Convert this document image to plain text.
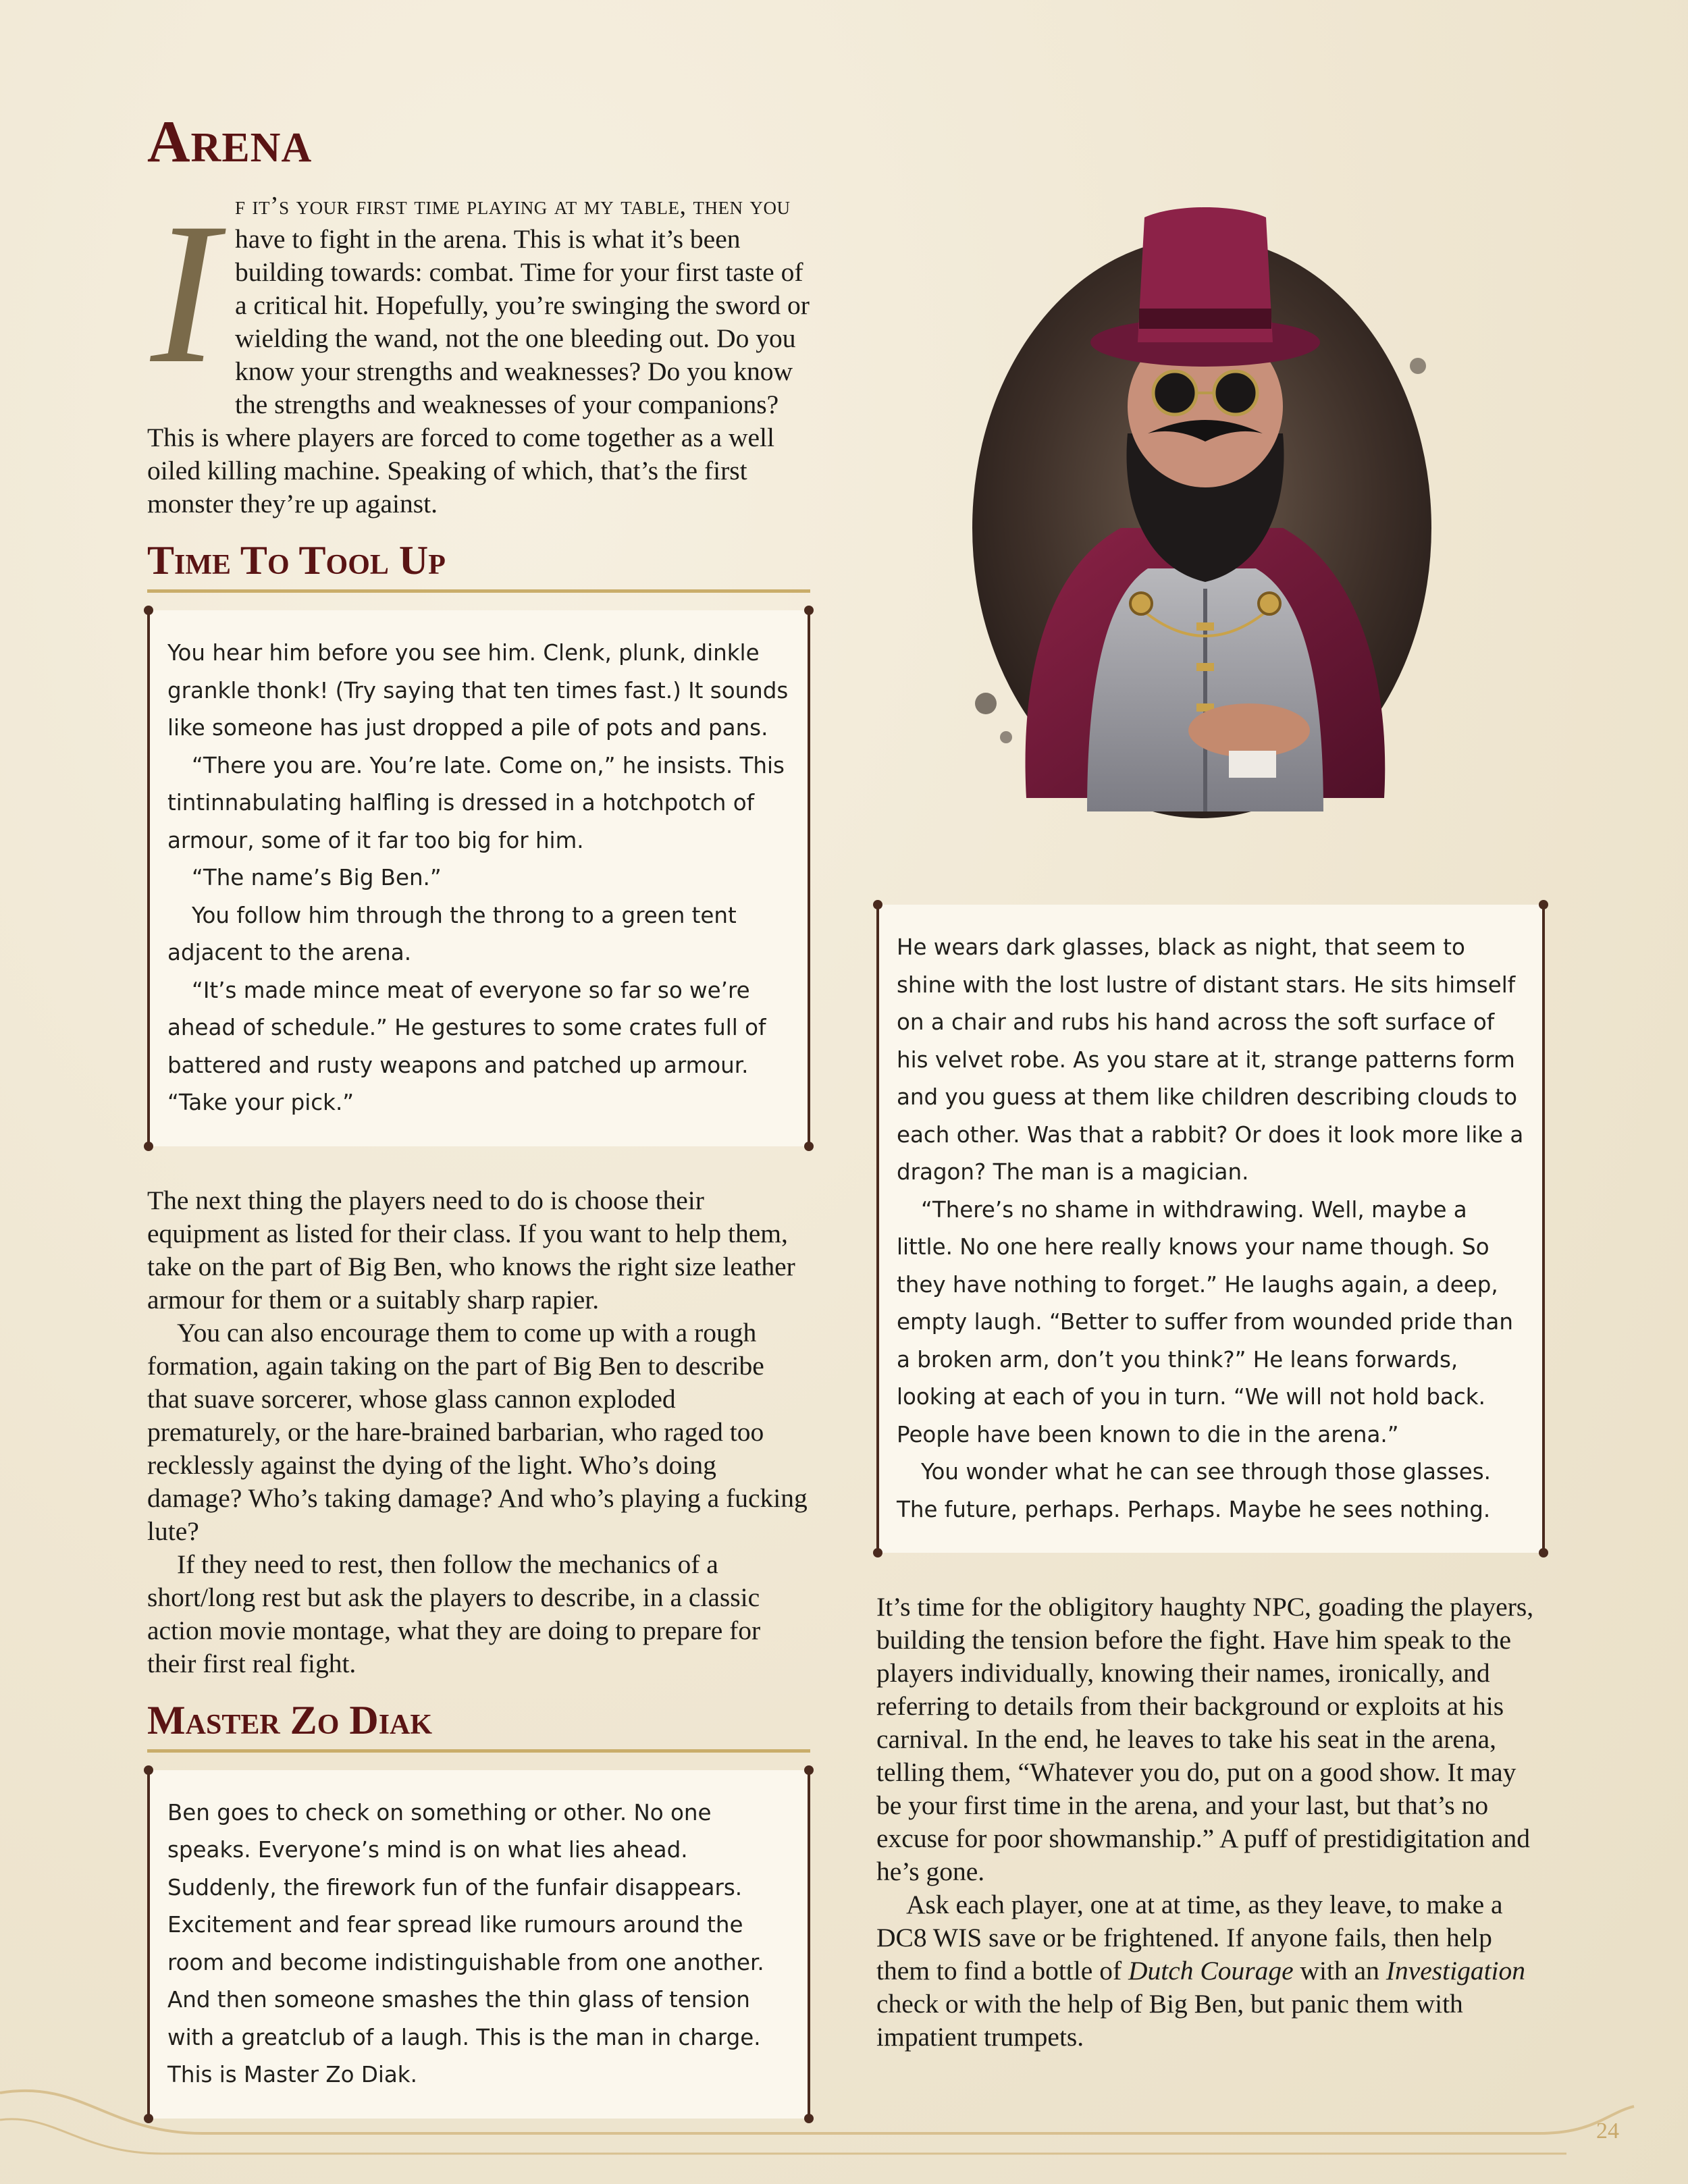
Arena
I f it’s your first time playing at my table, then you have to fight in the arena. This is what it’s been building towards: combat. Time for your first taste of a critical hit. Hopefully, you’re swinging the sword or wielding the wand, not the one bleeding out. Do you know your strengths and weaknesses? Do you know the strengths and weaknesses of your companions? This is where players are forced to come together as a well oiled killing machine. Speaking of which, that’s the first monster they’re up against.
Time To Tool Up

You hear him before you see him. Clenk, plunk, dinkle grankle thonk! (Try saying that ten times fast.) It sounds like someone has just dropped a pile of pots and pans.

“There you are. You’re late. Come on,” he insists. This tintinnabulating halfling is dressed in a hotchpotch of armour, some of it far too big for him.

“The name’s Big Ben.”

You follow him through the throng to a green tent adjacent to the arena.

“It’s made mince meat of everyone so far so we’re ahead of schedule.” He gestures to some crates full of battered and rusty weapons and patched up armour. “Take your pick.”

The next thing the players need to do is choose their equipment as listed for their class. If you want to help them, take on the part of Big Ben, who knows the right size leather armour for them or a suitably sharp rapier.

You can also encourage them to come up with a rough formation, again taking on the part of Big Ben to describe that suave sorcerer, whose glass cannon exploded prematurely, or the hare-brained barbarian, who raged too recklessly against the dying of the light. Who’s doing damage? Who’s taking damage? And who’s playing a fucking lute?

If they need to rest, then follow the mechanics of a short/long rest but ask the players to describe, in a classic action movie montage, what they are doing to prepare for their first real fight.

Master Zo Diak

Ben goes to check on something or other. No one speaks. Everyone’s mind is on what lies ahead. Suddenly, the firework fun of the funfair disappears. Excitement and fear spread like rumours around the room and become indistinguishable from one another. And then someone smashes the thin glass of tension with a greatclub of a laugh. This is the man in charge. This is Master Zo Diak.

He wears dark glasses, black as night, that seem to shine with the lost lustre of distant stars. He sits himself on a chair and rubs his hand across the soft surface of his velvet robe. As you stare at it, strange patterns form and you guess at them like children describing clouds to each other. Was that a rabbit? Or does it look more like a dragon? The man is a magician.

“There’s no shame in withdrawing. Well, maybe a little. No one here really knows your name though. So they have nothing to forget.” He laughs again, a deep, empty laugh. “Better to suffer from wounded pride than a broken arm, don’t you think?” He leans forwards, looking at each of you in turn. “We will not hold back. People have been known to die in the arena.”

You wonder what he can see through those glasses. The future, perhaps. Perhaps. Maybe he sees nothing.

It’s time for the obligitory haughty NPC, goading the players, building the tension before the fight. Have him speak to the players individually, knowing their names, ironically, and referring to details from their background or exploits at his carnival. In the end, he leaves to take his seat in the arena, telling them, “Whatever you do, put on a good show. It may be your first time in the arena, and your last, but that’s no excuse for poor showmanship.” A puff of prestidigitation and he’s gone.

Ask each player, one at at time, as they leave, to make a DC8 WIS save or be frightened. If anyone fails, then help them to find a bottle of Dutch Courage with an Investigation check or with the help of Big Ben, but panic them with impatient trumpets.

24
